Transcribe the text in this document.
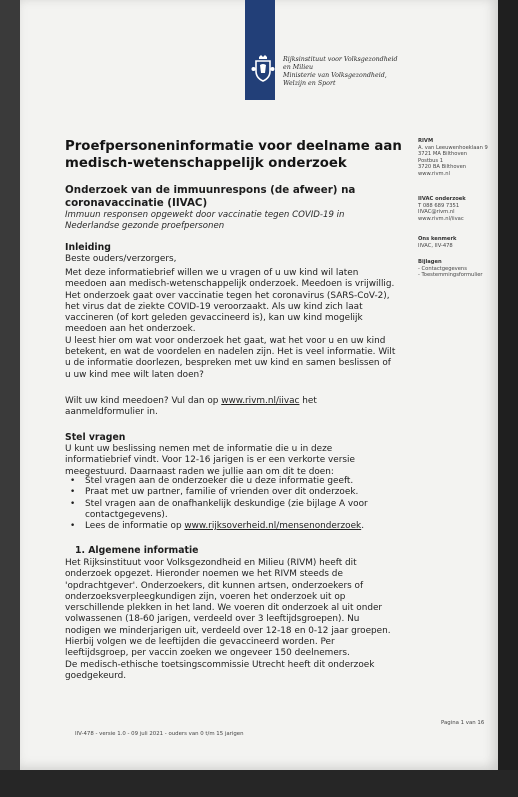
Rijksinstituut voor Volksgezondheid
en Milieu
Ministerie van Volksgezondheid,
Welzijn en Sport
Proefpersoneninformatie voor deelname aan
medisch-wetenschappelijk onderzoek
Onderzoek van de immuunrespons (de afweer) na
coronavaccinatie (IIVAC)
Immuun responsen opgewekt door vaccinatie tegen COVID-19 in
Nederlandse gezonde proefpersonen
Inleiding
Beste ouders/verzorgers,
Met deze informatiebrief willen we u vragen of u uw kind wil laten
meedoen aan medisch-wetenschappelijk onderzoek. Meedoen is vrijwillig.
Het onderzoek gaat over vaccinatie tegen het coronavirus (SARS-CoV-2),
het virus dat de ziekte COVID-19 veroorzaakt. Als uw kind zich laat
vaccineren (of kort geleden gevaccineerd is), kan uw kind mogelijk
meedoen aan het onderzoek.
U leest hier om wat voor onderzoek het gaat, wat het voor u en uw kind
betekent, en wat de voordelen en nadelen zijn. Het is veel informatie. Wilt
u de informatie doorlezen, bespreken met uw kind en samen beslissen of
u uw kind mee wilt laten doen?
Wilt uw kind meedoen? Vul dan op www.rivm.nl/iivac het
aanmeldformulier in.
Stel vragen
U kunt uw beslissing nemen met de informatie die u in deze
informatiebrief vindt. Voor 12-16 jarigen is er een verkorte versie
meegestuurd. Daarnaast raden we jullie aan om dit te doen:
• Stel vragen aan de onderzoeker die u deze informatie geeft.
• Praat met uw partner, familie of vrienden over dit onderzoek.
• Stel vragen aan de onafhankelijk deskundige (zie bijlage A voor
contactgegevens).
• Lees de informatie op www.rijksoverheid.nl/mensenonderzoek.
1. Algemene informatie
Het Rijksinstituut voor Volksgezondheid en Milieu (RIVM) heeft dit
onderzoek opgezet. Hieronder noemen we het RIVM steeds de
'opdrachtgever'. Onderzoekers, dit kunnen artsen, onderzoekers of
onderzoeksverpleegkundigen zijn, voeren het onderzoek uit op
verschillende plekken in het land. We voeren dit onderzoek al uit onder
volwassenen (18-60 jarigen, verdeeld over 3 leeftijdsgroepen). Nu
nodigen we minderjarigen uit, verdeeld over 12-18 en 0-12 jaar groepen.
Hierbij volgen we de leeftijden die gevaccineerd worden. Per
leeftijdsgroep, per vaccin zoeken we ongeveer 150 deelnemers.
De medisch-ethische toetsingscommissie Utrecht heeft dit onderzoek
goedgekeurd.
RIVM
A. van Leeuwenhoeklaan 9
3721 MA Bilthoven
Postbus 1
3720 BA Bilthoven
www.rivm.nl
IIVAC onderzoek
T 088 689 7351
IIVAC@rivm.nl
www.rivm.nl/iivac
Ons kenmerk
IIVAC, IIV-478
Bijlagen
- Contactgegevens
- Toestemmingsformulier
Pagina 1 van 16
IIV-478 - versie 1.0 - 09 juli 2021 - ouders van 0 t/m 15 jarigen
